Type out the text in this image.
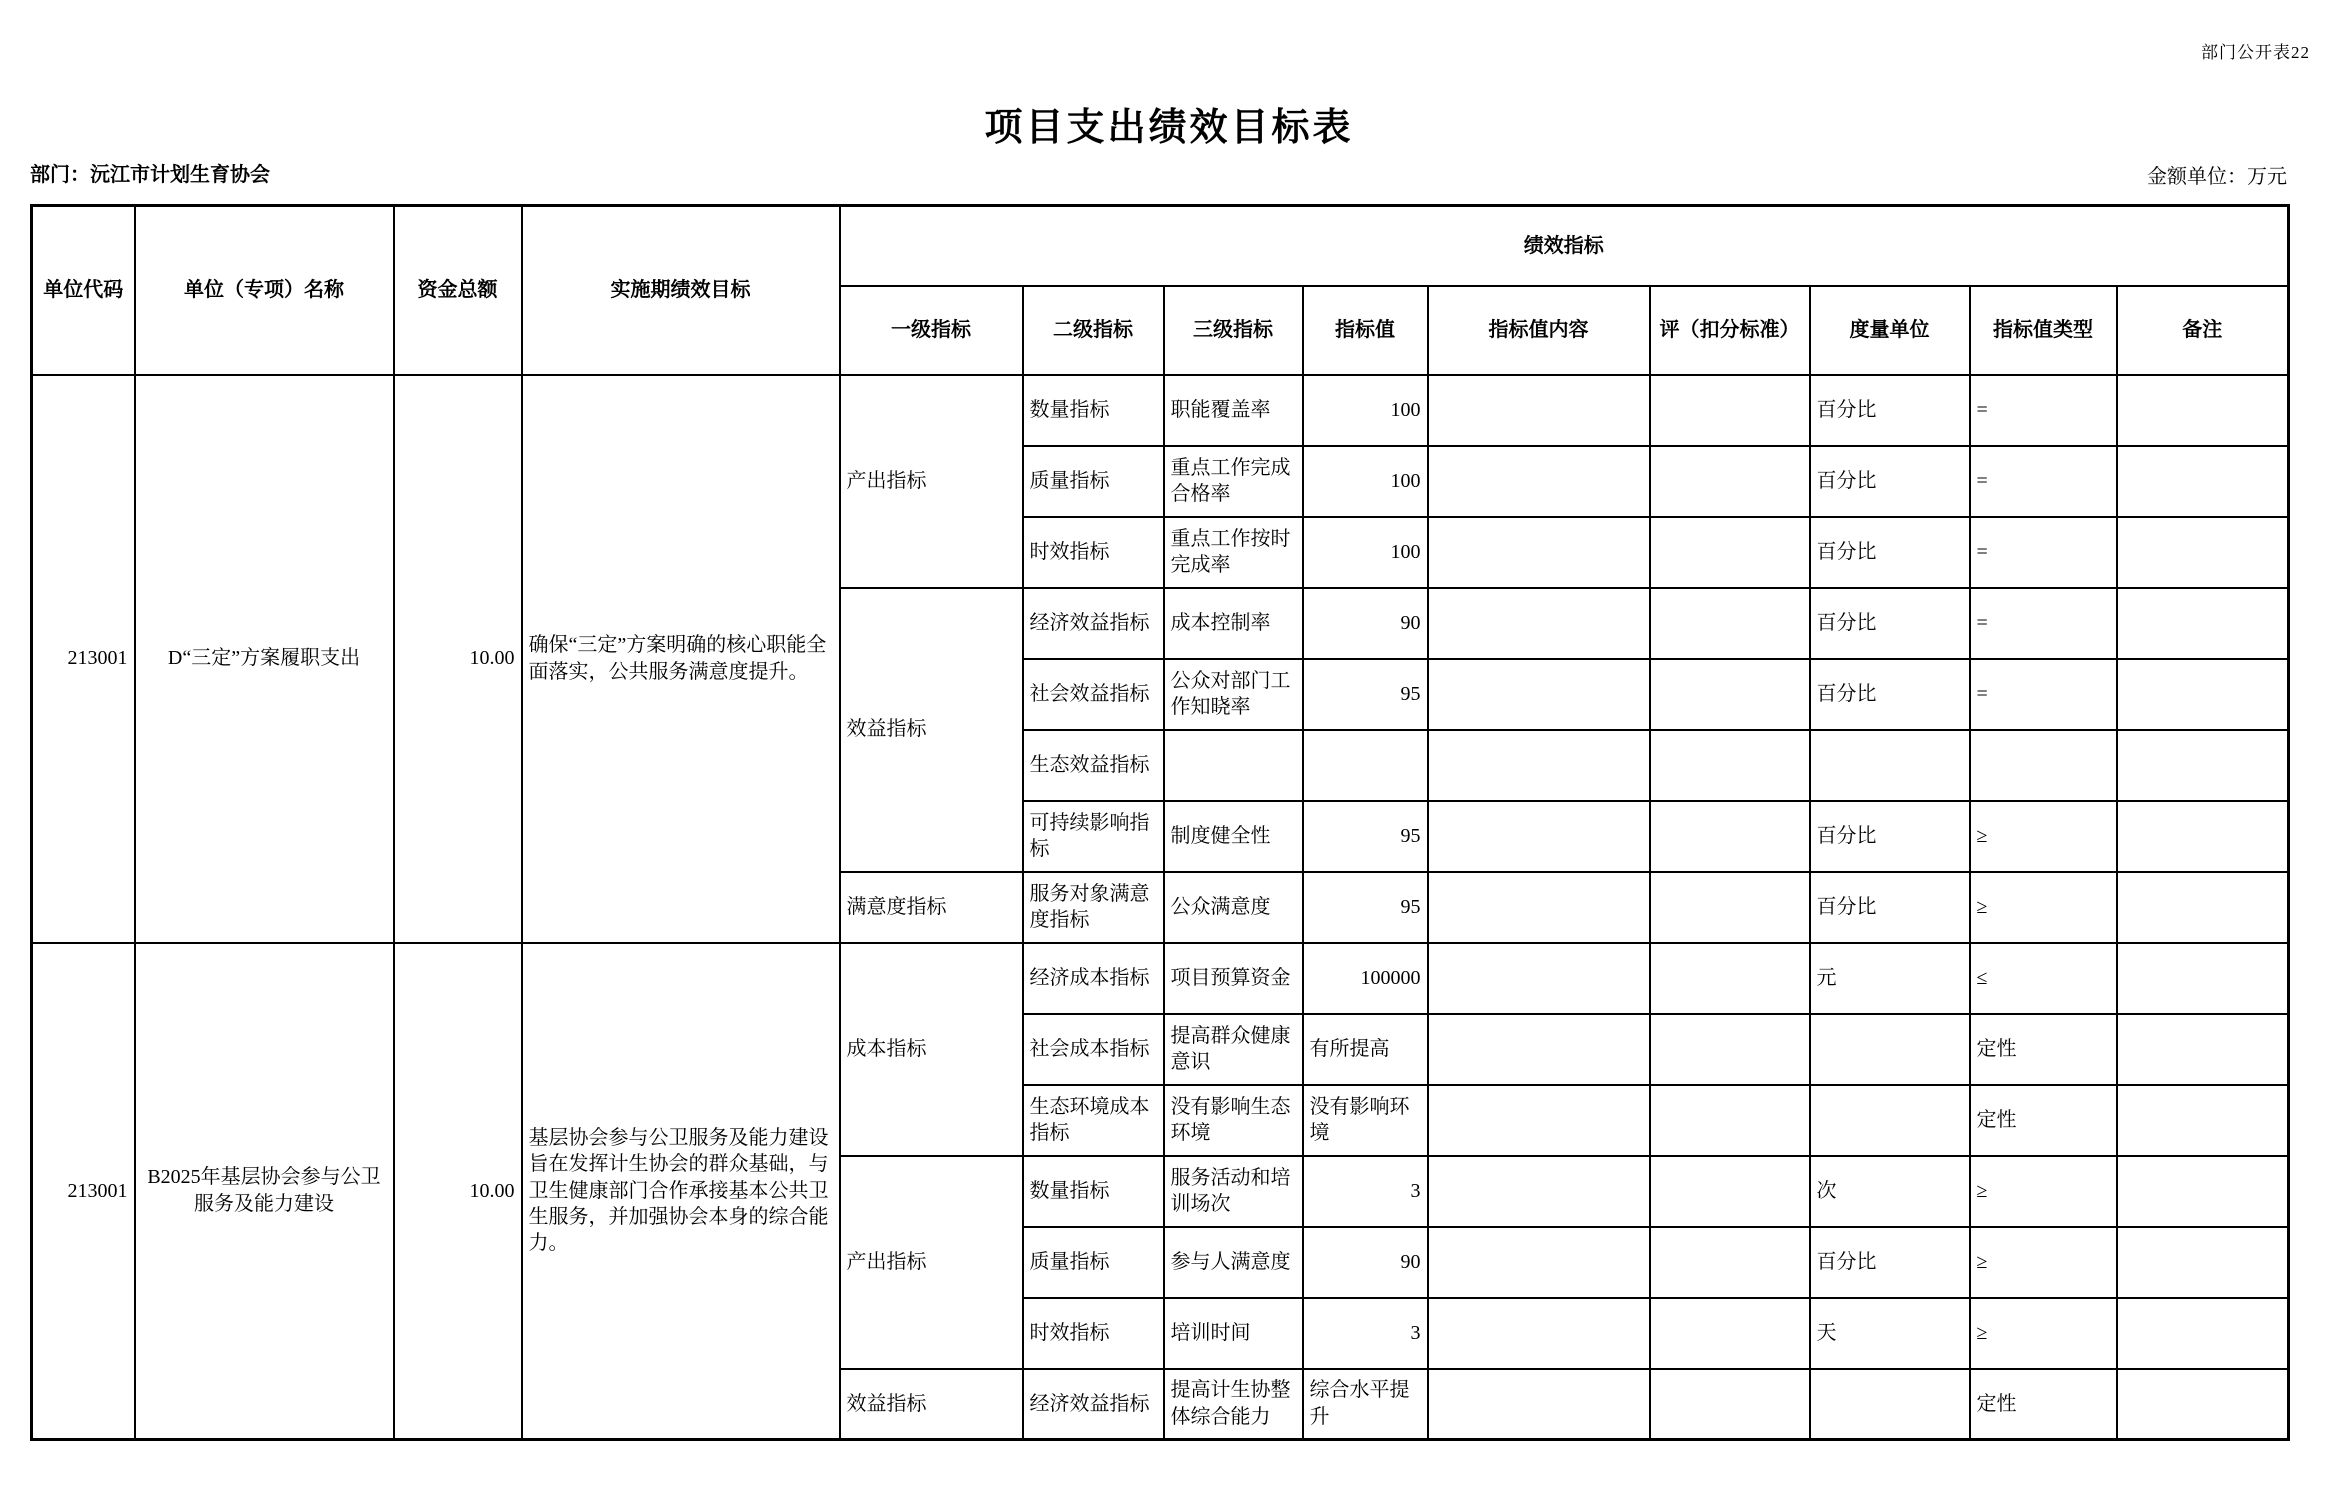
部门公开表22
项目支出绩效目标表
部门：沅江市计划生育协会	金额单位：万元
单位代码	单位（专项）名称	资金总额	实施期绩效目标	绩效指标								
				一级指标	二级指标	三级指标	指标值	指标值内容	评（扣分标准）	度量单位	指标值类型	备注
213001	D“三定”方案履职支出	10.00	确保“三定”方案明确的核心职能全面落实，公共服务满意度提升。	产出指标	数量指标	职能覆盖率	100			百分比	=	
					质量指标	重点工作完成合格率	100			百分比	=	
					时效指标	重点工作按时完成率	100			百分比	=	
				效益指标	经济效益指标	成本控制率	90			百分比	=	
					社会效益指标	公众对部门工作知晓率	95			百分比	=	
					生态效益指标							
					可持续影响指标	制度健全性	95			百分比	≥	
				满意度指标	服务对象满意度指标	公众满意度	95			百分比	≥	
213001	B2025年基层协会参与公卫服务及能力建设	10.00	基层协会参与公卫服务及能力建设旨在发挥计生协会的群众基础，与卫生健康部门合作承接基本公共卫生服务，并加强协会本身的综合能力。	成本指标	经济成本指标	项目预算资金	100000			元	≤	
					社会成本指标	提高群众健康意识	有所提高				定性	
					生态环境成本指标	没有影响生态环境	没有影响环境				定性	
				产出指标	数量指标	服务活动和培训场次	3			次	≥	
					质量指标	参与人满意度	90			百分比	≥	
					时效指标	培训时间	3			天	≥	
				效益指标	经济效益指标	提高计生协整体综合能力	综合水平提升				定性	
